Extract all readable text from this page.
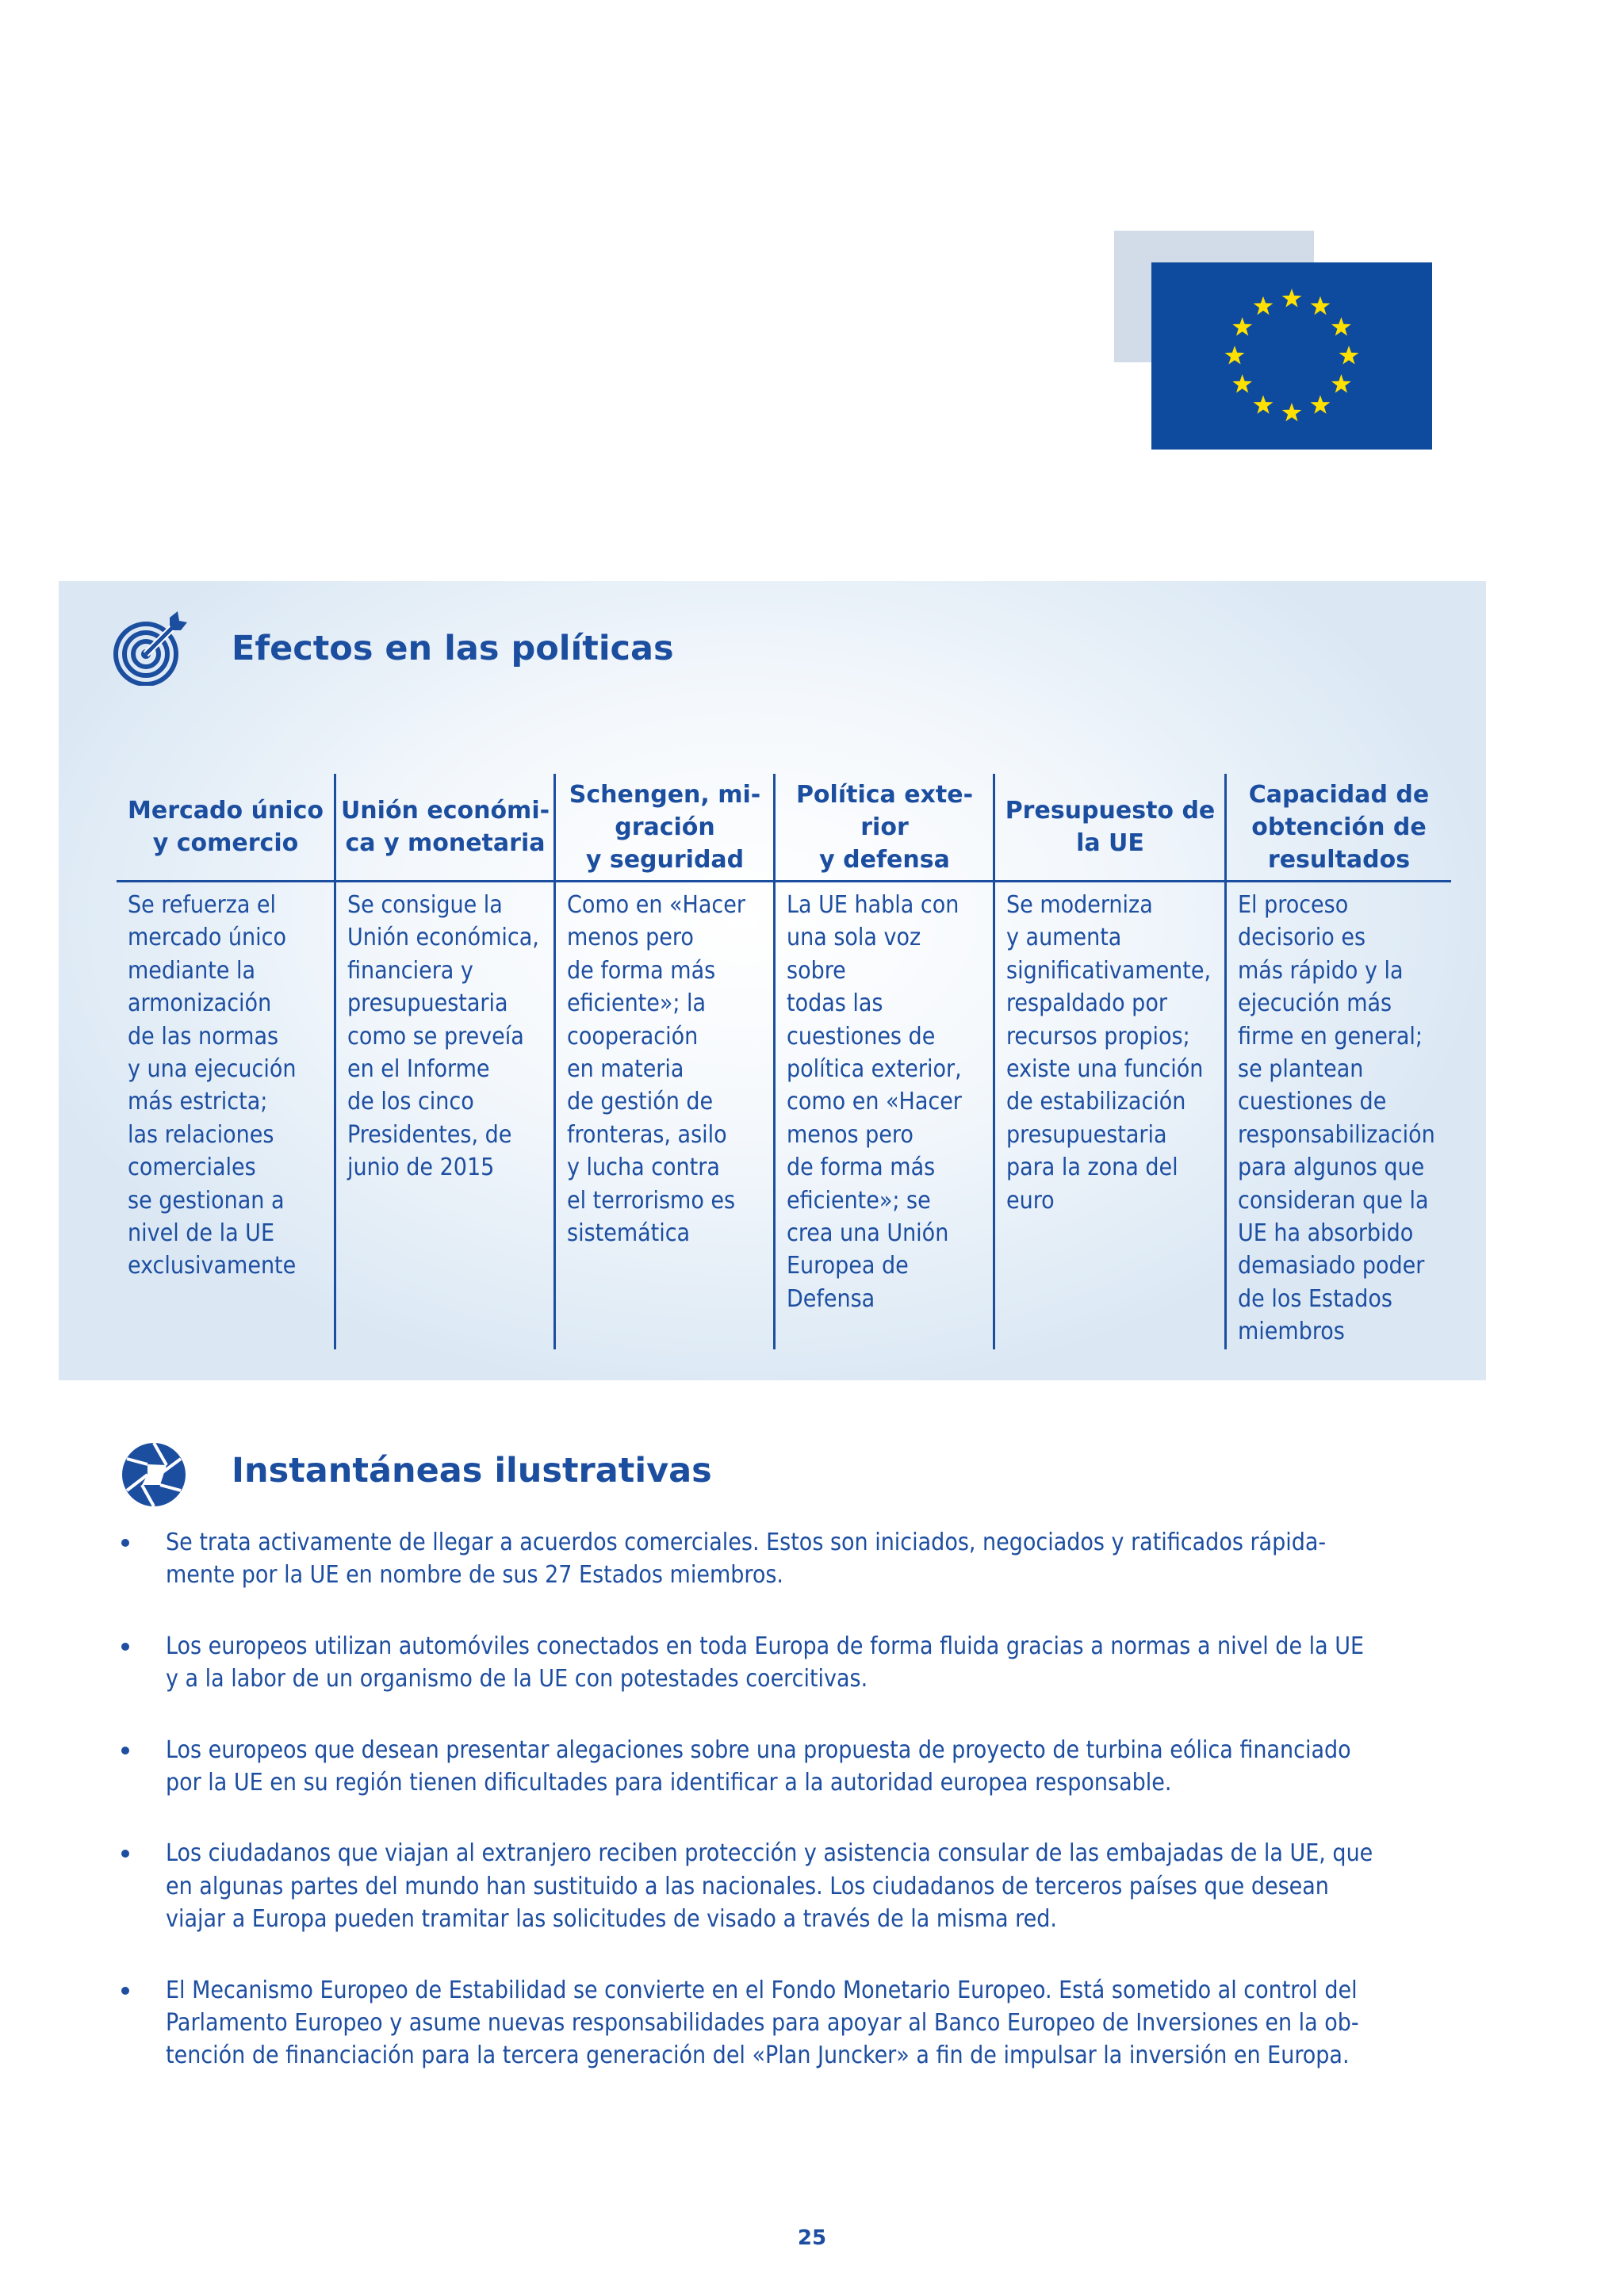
Efectos en las políticas
Mercado único
y comercio
Se refuerza el
mercado único
mediante la
armonización
de las normas
y una ejecución
más estricta;
las relaciones
comerciales
se gestionan a
nivel de la UE
exclusivamente
Unión económi-
ca y monetaria
Se consigue la
Unión económica,
financiera y
presupuestaria
como se preveía
en el Informe
de los cinco
Presidentes, de
junio de 2015
Schengen, mi-
gración
y seguridad
Como en «Hacer
menos pero
de forma más
eficiente»; la
cooperación
en materia
de gestión de
fronteras, asilo
y lucha contra
el terrorismo es
sistemática
Política exte-
rior
y defensa
La UE habla con
una sola voz
sobre
todas las
cuestiones de
política exterior,
como en «Hacer
menos pero
de forma más
eficiente»; se
crea una Unión
Europea de
Defensa
Presupuesto de
la UE
Se moderniza
y aumenta
significativamente,
respaldado por
recursos propios;
existe una función
de estabilización
presupuestaria
para la zona del
euro
Capacidad de
obtención de
resultados
El proceso
decisorio es
más rápido y la
ejecución más
firme en general;
se plantean
cuestiones de
responsabilización
para algunos que
consideran que la
UE ha absorbido
demasiado poder
de los Estados
miembros
Instantáneas ilustrativas
Se trata activamente de llegar a acuerdos comerciales. Estos son iniciados, negociados y ratificados rápida-
mente por la UE en nombre de sus 27 Estados miembros.
Los europeos utilizan automóviles conectados en toda Europa de forma fluida gracias a normas a nivel de la UE
y a la labor de un organismo de la UE con potestades coercitivas.
Los europeos que desean presentar alegaciones sobre una propuesta de proyecto de turbina eólica financiado
por la UE en su región tienen dificultades para identificar a la autoridad europea responsable.
Los ciudadanos que viajan al extranjero reciben protección y asistencia consular de las embajadas de la UE, que
en algunas partes del mundo han sustituido a las nacionales. Los ciudadanos de terceros países que desean
viajar a Europa pueden tramitar las solicitudes de visado a través de la misma red.
El Mecanismo Europeo de Estabilidad se convierte en el Fondo Monetario Europeo. Está sometido al control del
Parlamento Europeo y asume nuevas responsabilidades para apoyar al Banco Europeo de Inversiones en la ob-
tención de financiación para la tercera generación del «Plan Juncker» a fin de impulsar la inversión en Europa.
25
